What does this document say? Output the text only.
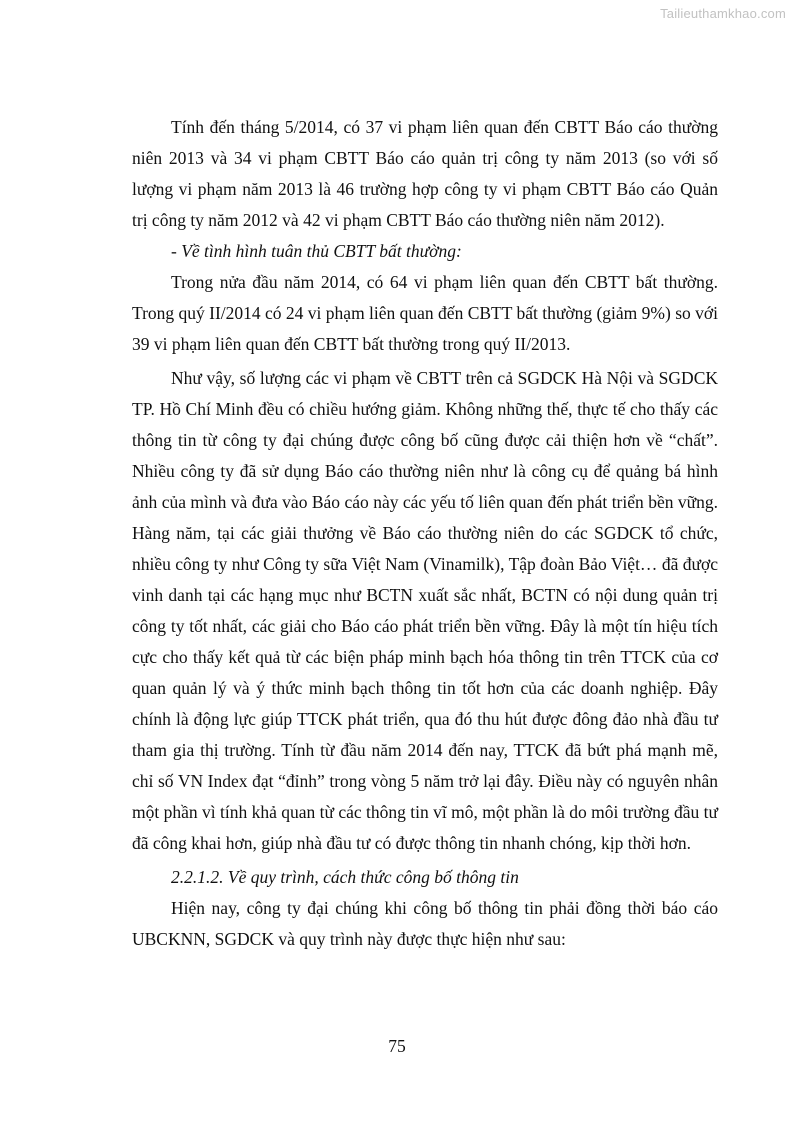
Tailieuthamkhao.com

Tính đến tháng 5/2014, có 37 vi phạm liên quan đến CBTT Báo cáo thường niên 2013 và 34 vi phạm CBTT Báo cáo quản trị công ty năm 2013 (so với số lượng vi phạm năm 2013 là 46 trường hợp công ty vi phạm CBTT Báo cáo Quản trị công ty năm 2012 và 42 vi phạm CBTT Báo cáo thường niên năm 2012).

- Về tình hình tuân thủ CBTT bất thường:

Trong nửa đầu năm 2014, có 64 vi phạm liên quan đến CBTT bất thường. Trong quý II/2014 có 24 vi phạm liên quan đến CBTT bất thường (giảm 9%) so với 39 vi phạm liên quan đến CBTT bất thường trong quý II/2013.

Như vậy, số lượng các vi phạm về CBTT trên cả SGDCK Hà Nội và SGDCK TP. Hồ Chí Minh đều có chiều hướng giảm. Không những thế, thực tế cho thấy các thông tin từ công ty đại chúng được công bố cũng được cải thiện hơn về “chất”. Nhiều công ty đã sử dụng Báo cáo thường niên như là công cụ để quảng bá hình ảnh của mình và đưa vào Báo cáo này các yếu tố liên quan đến phát triển bền vững. Hàng năm, tại các giải thưởng về Báo cáo thường niên do các SGDCK tổ chức, nhiều công ty như Công ty sữa Việt Nam (Vinamilk), Tập đoàn Bảo Việt… đã được vinh danh tại các hạng mục như BCTN xuất sắc nhất, BCTN có nội dung quản trị công ty tốt nhất, các giải cho Báo cáo phát triển bền vững. Đây là một tín hiệu tích cực cho thấy kết quả từ các biện pháp minh bạch hóa thông tin trên TTCK của cơ quan quản lý và ý thức minh bạch thông tin tốt hơn của các doanh nghiệp. Đây chính là động lực giúp TTCK phát triển, qua đó thu hút được đông đảo nhà đầu tư tham gia thị trường. Tính từ đầu năm 2014 đến nay, TTCK đã bứt phá mạnh mẽ, chỉ số VN Index đạt “đỉnh” trong vòng 5 năm trở lại đây. Điều này có nguyên nhân một phần vì tính khả quan từ các thông tin vĩ mô, một phần là do môi trường đầu tư đã công khai hơn, giúp nhà đầu tư có được thông tin nhanh chóng, kịp thời hơn.

2.2.1.2. Về quy trình, cách thức công bố thông tin

Hiện nay, công ty đại chúng khi công bố thông tin phải đồng thời báo cáo UBCKNN, SGDCK và quy trình này được thực hiện như sau:

75
